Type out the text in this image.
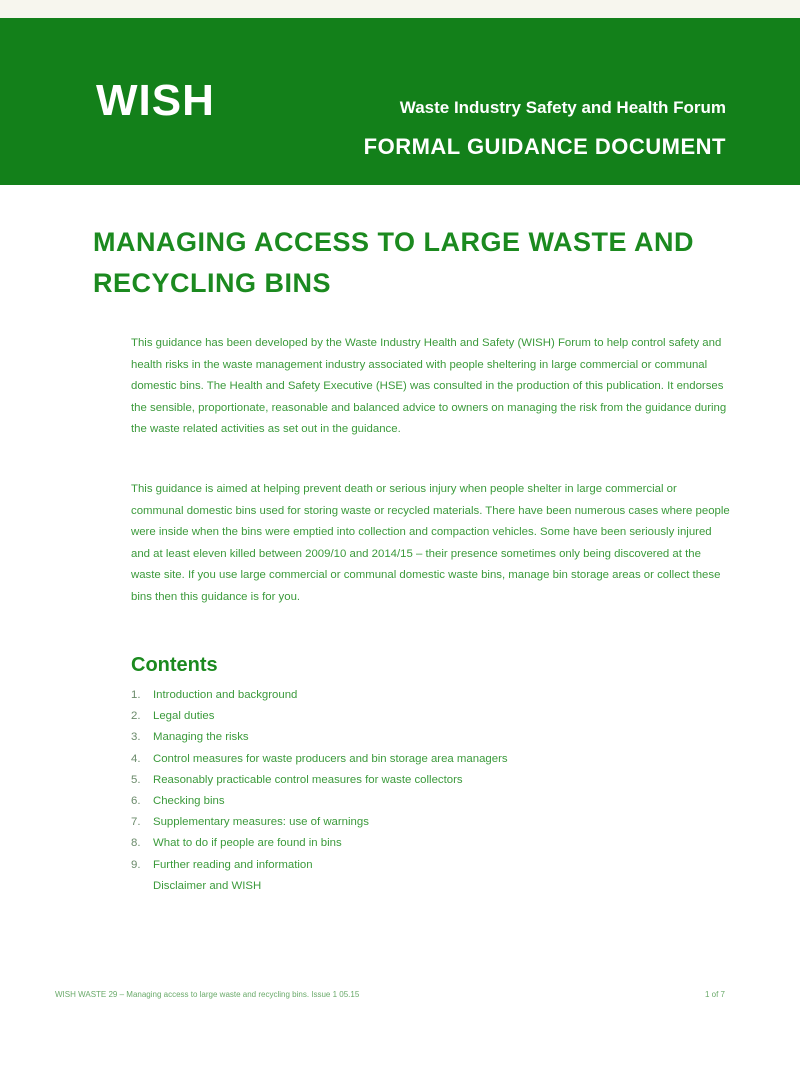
WISH	Waste Industry Safety and Health Forum
FORMAL GUIDANCE DOCUMENT
MANAGING ACCESS TO LARGE WASTE AND RECYCLING BINS
This guidance has been developed by the Waste Industry Health and Safety (WISH) Forum to help control safety and health risks in the waste management industry associated with people sheltering in large commercial or communal domestic bins. The Health and Safety Executive (HSE) was consulted in the production of this publication. It endorses the sensible, proportionate, reasonable and balanced advice to owners on managing the risk from the guidance during the waste related activities as set out in the guidance.
This guidance is aimed at helping prevent death or serious injury when people shelter in large commercial or communal domestic bins used for storing waste or recycled materials. There have been numerous cases where people were inside when the bins were emptied into collection and compaction vehicles. Some have been seriously injured and at least eleven killed between 2009/10 and 2014/15 – their presence sometimes only being discovered at the waste site. If you use large commercial or communal domestic waste bins, manage bin storage areas or collect these bins then this guidance is for you.
Contents
1.	Introduction and background
2.	Legal duties
3.	Managing the risks
4.	Control measures for waste producers and bin storage area managers
5.	Reasonably practicable control measures for waste collectors
6.	Checking bins
7.	Supplementary measures: use of warnings
8.	What to do if people are found in bins
9.	Further reading and information
Disclaimer and WISH
WISH WASTE 29 – Managing access to large waste and recycling bins. Issue 1 05.15	1 of 7
